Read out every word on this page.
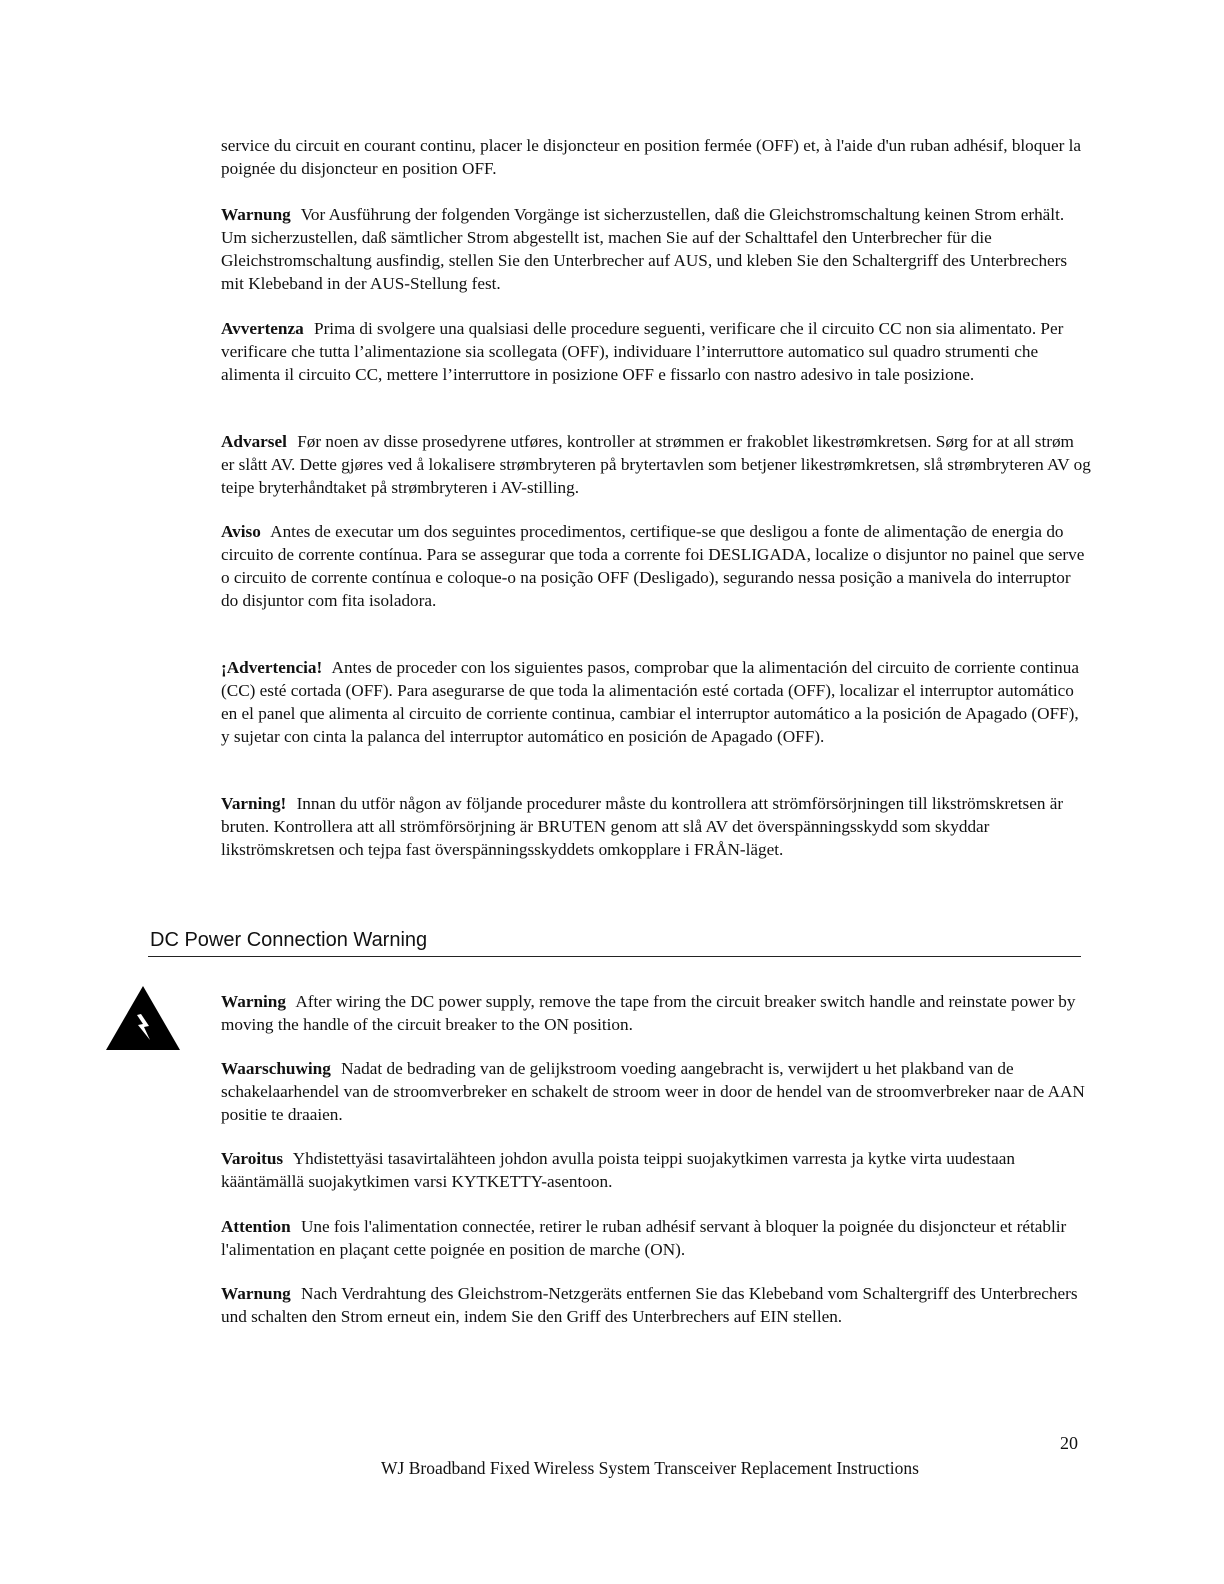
service du circuit en courant continu, placer le disjoncteur en position fermée (OFF) et, à l'aide d'un ruban adhésif, bloquer la poignée du disjoncteur en position OFF.

Warnung Vor Ausführung der folgenden Vorgänge ist sicherzustellen, daß die Gleichstromschaltung keinen Strom erhält. Um sicherzustellen, daß sämtlicher Strom abgestellt ist, machen Sie auf der Schalttafel den Unterbrecher für die Gleichstromschaltung ausfindig, stellen Sie den Unterbrecher auf AUS, und kleben Sie den Schaltergriff des Unterbrechers mit Klebeband in der AUS-Stellung fest.

Avvertenza Prima di svolgere una qualsiasi delle procedure seguenti, verificare che il circuito CC non sia alimentato. Per verificare che tutta l’alimentazione sia scollegata (OFF), individuare l’interruttore automatico sul quadro strumenti che alimenta il circuito CC, mettere l’interruttore in posizione OFF e fissarlo con nastro adesivo in tale posizione.

Advarsel Før noen av disse prosedyrene utføres, kontroller at strømmen er frakoblet likestrømkretsen. Sørg for at all strøm er slått AV. Dette gjøres ved å lokalisere strømbryteren på brytertavlen som betjener likestrømkretsen, slå strømbryteren AV og teipe bryterhåndtaket på strømbryteren i AV-stilling.

Aviso Antes de executar um dos seguintes procedimentos, certifique-se que desligou a fonte de alimentação de energia do circuito de corrente contínua. Para se assegurar que toda a corrente foi DESLIGADA, localize o disjuntor no painel que serve o circuito de corrente contínua e coloque-o na posição OFF (Desligado), segurando nessa posição a manivela do interruptor do disjuntor com fita isoladora.

¡Advertencia! Antes de proceder con los siguientes pasos, comprobar que la alimentación del circuito de corriente continua (CC) esté cortada (OFF). Para asegurarse de que toda la alimentación esté cortada (OFF), localizar el interruptor automático en el panel que alimenta al circuito de corriente continua, cambiar el interruptor automático a la posición de Apagado (OFF), y sujetar con cinta la palanca del interruptor automático en posición de Apagado (OFF).

Varning! Innan du utför någon av följande procedurer måste du kontrollera att strömförsörjningen till likströmskretsen är bruten. Kontrollera att all strömförsörjning är BRUTEN genom att slå AV det överspänningsskydd som skyddar likströmskretsen och tejpa fast överspänningsskyddets omkopplare i FRÅN-läget.

DC Power Connection Warning

Warning After wiring the DC power supply, remove the tape from the circuit breaker switch handle and reinstate power by moving the handle of the circuit breaker to the ON position.

Waarschuwing Nadat de bedrading van de gelijkstroom voeding aangebracht is, verwijdert u het plakband van de schakelaarhendel van de stroomverbreker en schakelt de stroom weer in door de hendel van de stroomverbreker naar de AAN positie te draaien.

Varoitus Yhdistettyäsi tasavirtalähteen johdon avulla poista teippi suojakytkimen varresta ja kytke virta uudestaan kääntämällä suojakytkimen varsi KYTKETTY-asentoon.

Attention Une fois l'alimentation connectée, retirer le ruban adhésif servant à bloquer la poignée du disjoncteur et rétablir l'alimentation en plaçant cette poignée en position de marche (ON).

Warnung Nach Verdrahtung des Gleichstrom-Netzgeräts entfernen Sie das Klebeband vom Schaltergriff des Unterbrechers und schalten den Strom erneut ein, indem Sie den Griff des Unterbrechers auf EIN stellen.

20
WJ Broadband Fixed Wireless System Transceiver Replacement Instructions
